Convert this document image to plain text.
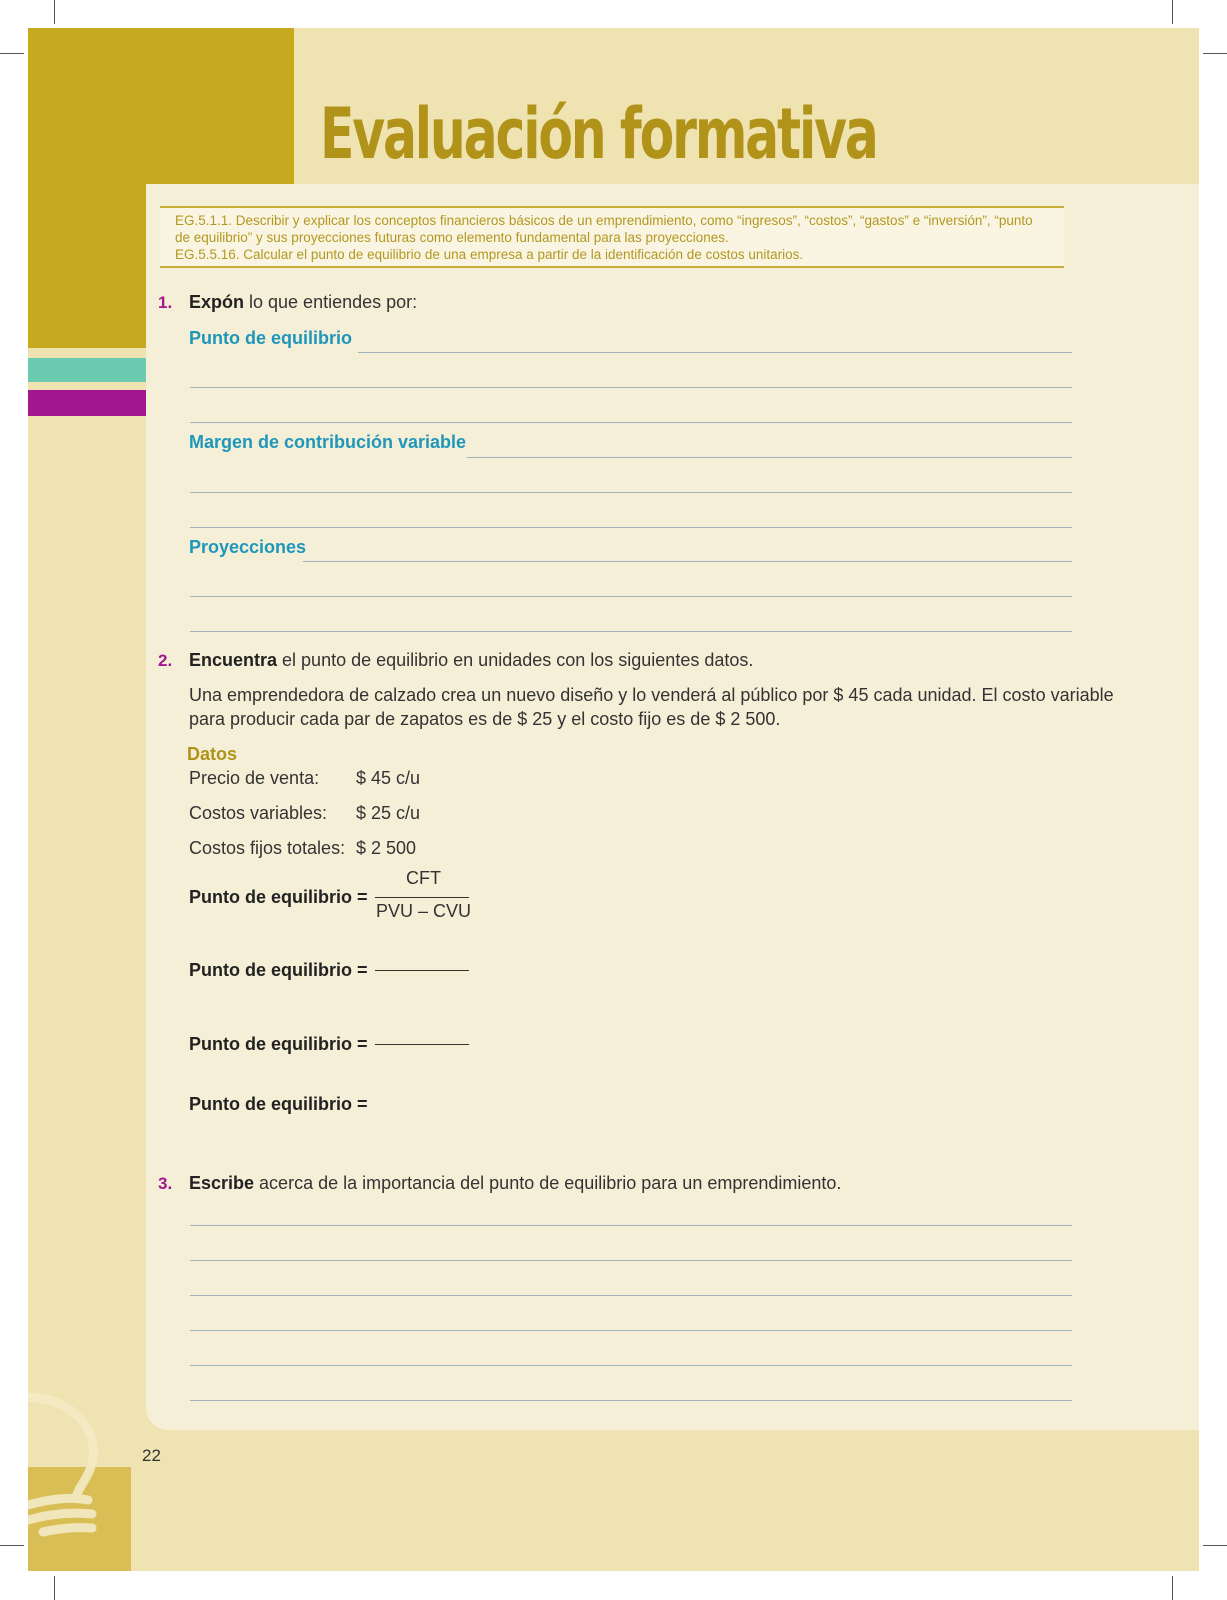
Evaluación formativa
22
EG.5.1.1. Describir y explicar los conceptos financieros básicos de un emprendimiento, como “ingresos”, “costos”, “gastos” e “inversión”, “punto
de equilibrio” y sus proyecciones futuras como elemento fundamental para las proyecciones.
EG.5.5.16. Calcular el punto de equilibrio de una empresa a partir de la identificación de costos unitarios.
1. Expón lo que entiendes por:
Punto de equilibrio
Margen de contribución variable
Proyecciones
2. Encuentra el punto de equilibrio en unidades con los siguientes datos.
Una emprendedora de calzado crea un nuevo diseño y lo venderá al público por $ 45 cada unidad. El costo variable
para producir cada par de zapatos es de $ 25 y el costo fijo es de $ 2 500.
Datos
Precio de venta: $ 45 c/u
Costos variables: $ 25 c/u
Costos fijos totales: $ 2 500
Punto de equilibrio =
CFT
PVU – CVU
Punto de equilibrio =
Punto de equilibrio =
Punto de equilibrio =
3. Escribe acerca de la importancia del punto de equilibrio para un emprendimiento.
